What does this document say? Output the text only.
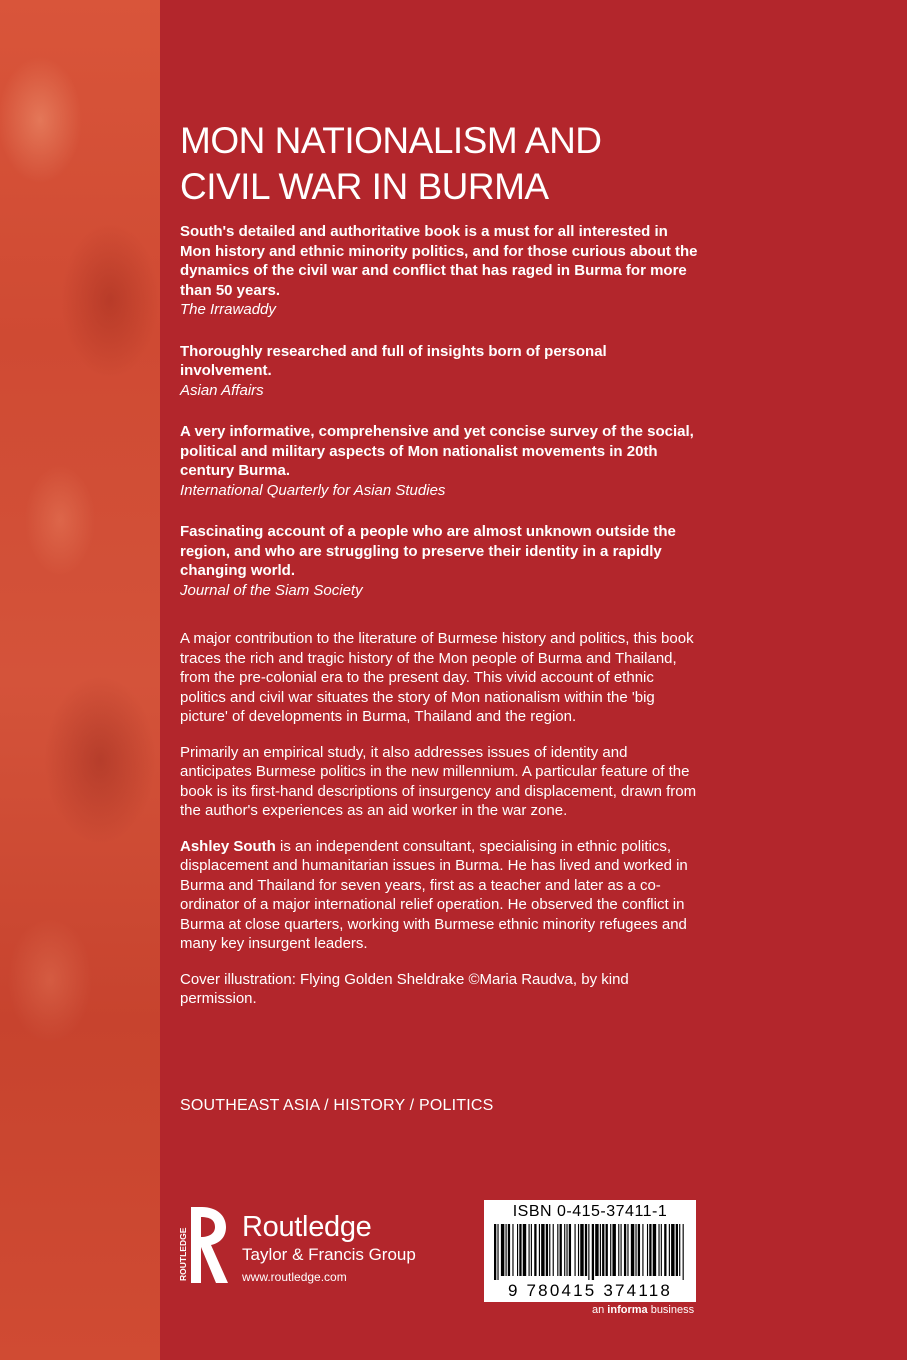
MON NATIONALISM AND
CIVIL WAR IN BURMA
South's detailed and authoritative book is a must for all interested in Mon history and ethnic minority politics, and for those curious about the dynamics of the civil war and conflict that has raged in Burma for more than 50 years.
The Irrawaddy
Thoroughly researched and full of insights born of personal involvement.
Asian Affairs
A very informative, comprehensive and yet concise survey of the social, political and military aspects of Mon nationalist movements in 20th century Burma.
International Quarterly for Asian Studies
Fascinating account of a people who are almost unknown outside the region, and who are struggling to preserve their identity in a rapidly changing world.
Journal of the Siam Society

A major contribution to the literature of Burmese history and politics, this book traces the rich and tragic history of the Mon people of Burma and Thailand, from the pre-colonial era to the present day. This vivid account of ethnic politics and civil war situates the story of Mon nationalism within the 'big picture' of developments in Burma, Thailand and the region.

Primarily an empirical study, it also addresses issues of identity and anticipates Burmese politics in the new millennium. A particular feature of the book is its first-hand descriptions of insurgency and displacement, drawn from the author's experiences as an aid worker in the war zone.

Ashley South is an independent consultant, specialising in ethnic politics, displacement and humanitarian issues in Burma. He has lived and worked in Burma and Thailand for seven years, first as a teacher and later as a co-ordinator of a major international relief operation. He observed the conflict in Burma at close quarters, working with Burmese ethnic minority refugees and many key insurgent leaders.

Cover illustration: Flying Golden Sheldrake ©Maria Raudva, by kind permission.

SOUTHEAST ASIA / HISTORY / POLITICS
ROUTLEDGE
Routledge
Taylor & Francis Group
www.routledge.com
ISBN 0-415-37411-1
9 780415 374118
an informa business
